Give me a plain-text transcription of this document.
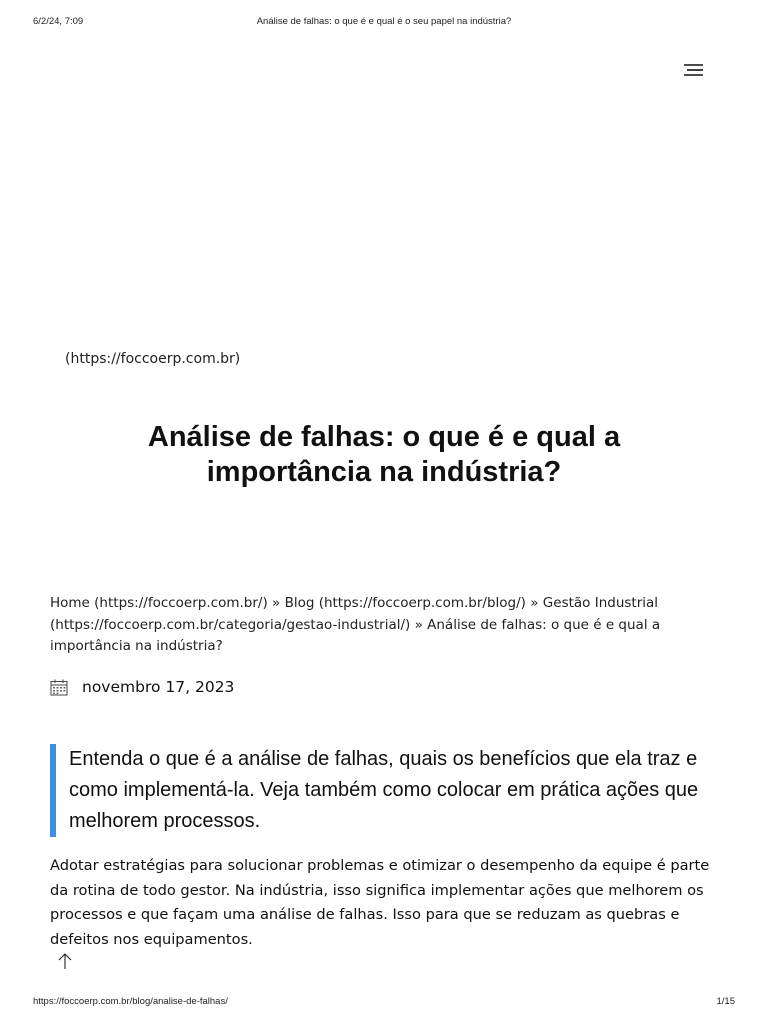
6/2/24, 7:09	Análise de falhas: o que é e qual é o seu papel na indústria?
(https://foccoerp.com.br)
Análise de falhas: o que é e qual a
importância na indústria?
Home (https://foccoerp.com.br/) » Blog (https://foccoerp.com.br/blog/) » Gestão Industrial (https://foccoerp.com.br/categoria/gestao-industrial/) » Análise de falhas: o que é e qual a importância na indústria?
novembro 17, 2023
Entenda o que é a análise de falhas, quais os benefícios que ela traz e como implementá-la. Veja também como colocar em prática ações que melhorem processos.

Adotar estratégias para solucionar problemas e otimizar o desempenho da equipe é parte da rotina de todo gestor. Na indústria, isso significa implementar ações que melhorem os processos e que façam uma análise de falhas. Isso para que se reduzam as quebras e defeitos nos equipamentos.

https://foccoerp.com.br/blog/analise-de-falhas/	1/15
